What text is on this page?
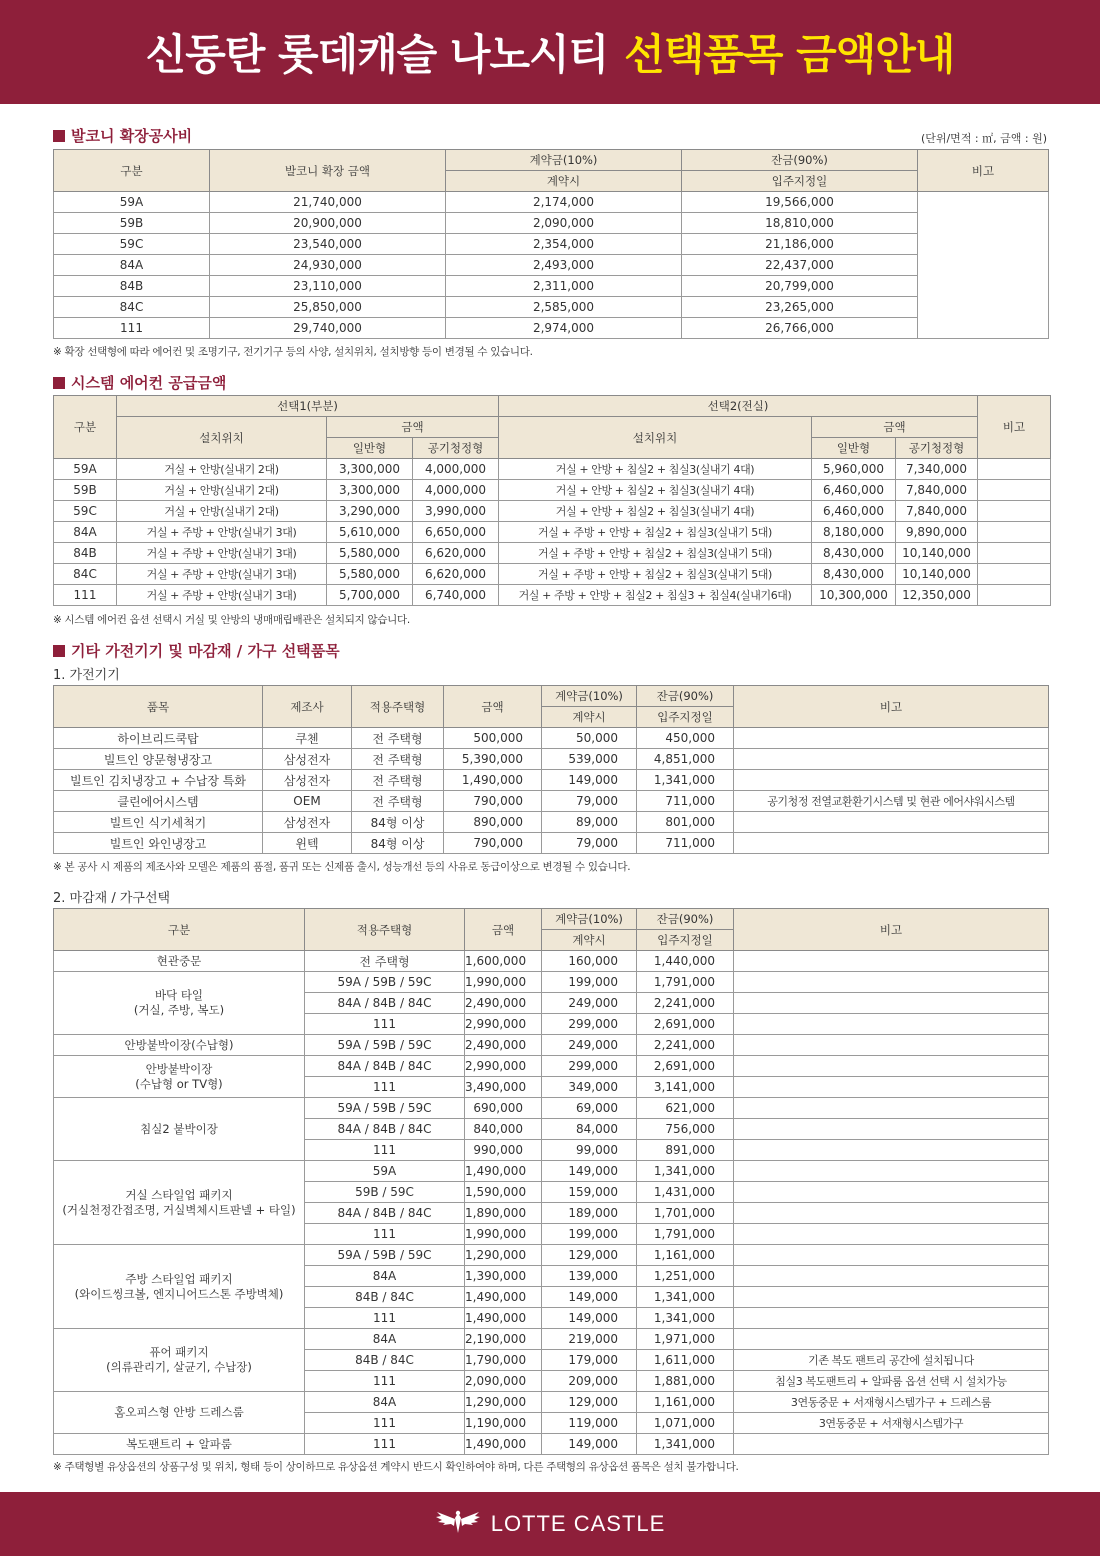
신동탄 롯데캐슬 나노시티 선택품목 금액안내
발코니 확장공사비	(단위/면적 : ㎡, 금액 : 원)
구분	발코니 확장 금액	계약금(10%)	잔금(90%)	비고
		계약시	입주지정일	
59A	21,740,000	2,174,000	19,566,000	
59B	20,900,000	2,090,000	18,810,000	
59C	23,540,000	2,354,000	21,186,000	
84A	24,930,000	2,493,000	22,437,000	
84B	23,110,000	2,311,000	20,799,000	
84C	25,850,000	2,585,000	23,265,000	
111	29,740,000	2,974,000	26,766,000	
※ 확장 선택형에 따라 에어컨 및 조명기구, 전기기구 등의 사양, 설치위치, 설치방향 등이 변경될 수 있습니다.
시스템 에어컨 공급금액
구분	선택1(부분)			선택2(전실)			비고
	설치위치	금액		설치위치	금액		
		일반형	공기청정형		일반형	공기청정형	
59A	거실 + 안방(실내기 2대)	3,300,000	4,000,000	거실 + 안방 + 침실2 + 침실3(실내기 4대)	5,960,000	7,340,000	
59B	거실 + 안방(실내기 2대)	3,300,000	4,000,000	거실 + 안방 + 침실2 + 침실3(실내기 4대)	6,460,000	7,840,000	
59C	거실 + 안방(실내기 2대)	3,290,000	3,990,000	거실 + 안방 + 침실2 + 침실3(실내기 4대)	6,460,000	7,840,000	
84A	거실 + 주방 + 안방(실내기 3대)	5,610,000	6,650,000	거실 + 주방 + 안방 + 침실2 + 침실3(실내기 5대)	8,180,000	9,890,000	
84B	거실 + 주방 + 안방(실내기 3대)	5,580,000	6,620,000	거실 + 주방 + 안방 + 침실2 + 침실3(실내기 5대)	8,430,000	10,140,000	
84C	거실 + 주방 + 안방(실내기 3대)	5,580,000	6,620,000	거실 + 주방 + 안방 + 침실2 + 침실3(실내기 5대)	8,430,000	10,140,000	
111	거실 + 주방 + 안방(실내기 3대)	5,700,000	6,740,000	거실 + 주방 + 안방 + 침실2 + 침실3 + 침실4(실내기6대)	10,300,000	12,350,000	
※ 시스템 에어컨 옵션 선택시 거실 및 안방의 냉매매립배관은 설치되지 않습니다.
기타 가전기기 및 마감재 / 가구 선택품목
1. 가전기기
품목	제조사	적용주택형	금액	계약금(10%)	잔금(90%)	비고
				계약시	입주지정일	
하이브리드쿡탑	쿠첸	전 주택형	500,000	50,000	450,000	
빌트인 양문형냉장고	삼성전자	전 주택형	5,390,000	539,000	4,851,000	
빌트인 김치냉장고 + 수납장 특화	삼성전자	전 주택형	1,490,000	149,000	1,341,000	
클린에어시스템	OEM	전 주택형	790,000	79,000	711,000	공기청정 전열교환환기시스템 및 현관 에어샤워시스템
빌트인 식기세척기	삼성전자	84형 이상	890,000	89,000	801,000	
빌트인 와인냉장고	윈텍	84형 이상	790,000	79,000	711,000	
※ 본 공사 시 제품의 제조사와 모델은 제품의 품절, 품귀 또는 신제품 출시, 성능개선 등의 사유로 동급이상으로 변경될 수 있습니다.
2. 마감재 / 가구선택
구분	적용주택형	금액	계약금(10%)	잔금(90%)	비고
			계약시	입주지정일	

현관중문	전 주택형	1,600,000	160,000	1,440,000	

바닥 타일
(거실, 주방, 복도)	59A / 59B / 59C	1,990,000	199,000	1,791,000	
	84A / 84B / 84C	2,490,000	249,000	2,241,000	
	111	2,990,000	299,000	2,691,000	

안방붙박이장(수납형)	59A / 59B / 59C	2,490,000	249,000	2,241,000	

안방붙박이장
(수납형 or TV형)	84A / 84B / 84C	2,990,000	299,000	2,691,000	
	111	3,490,000	349,000	3,141,000	

침실2 붙박이장	59A / 59B / 59C	690,000	69,000	621,000	
	84A / 84B / 84C	840,000	84,000	756,000	
	111	990,000	99,000	891,000	

거실 스타일업 패키지
(거실천정간접조명, 거실벽체시트판넬 + 타일)	59A	1,490,000	149,000	1,341,000	
	59B / 59C	1,590,000	159,000	1,431,000	
	84A / 84B / 84C	1,890,000	189,000	1,701,000	
	111	1,990,000	199,000	1,791,000	

주방 스타일업 패키지
(와이드씽크볼, 엔지니어드스톤 주방벽체)	59A / 59B / 59C	1,290,000	129,000	1,161,000	
	84A	1,390,000	139,000	1,251,000	
	84B / 84C	1,490,000	149,000	1,341,000	
	111	1,490,000	149,000	1,341,000	

퓨어 패키지
(의류관리기, 살균기, 수납장)	84A	2,190,000	219,000	1,971,000	
	84B / 84C	1,790,000	179,000	1,611,000	기존 복도 팬트리 공간에 설치됩니다
	111	2,090,000	209,000	1,881,000	침실3 복도팬트리 + 알파룸 옵션 선택 시 설치가능

홈오피스형 안방 드레스룸	84A	1,290,000	129,000	1,161,000	3연동중문 + 서재형시스템가구 + 드레스룸
	111	1,190,000	119,000	1,071,000	3연동중문 + 서재형시스템가구

복도팬트리 + 알파룸	111	1,490,000	149,000	1,341,000	
※ 주택형별 유상옵션의 상품구성 및 위치, 형태 등이 상이하므로 유상옵션 계약시 반드시 확인하여야 하며, 다른 주택형의 유상옵션 품목은 설치 불가합니다.
LOTTE CASTLE
